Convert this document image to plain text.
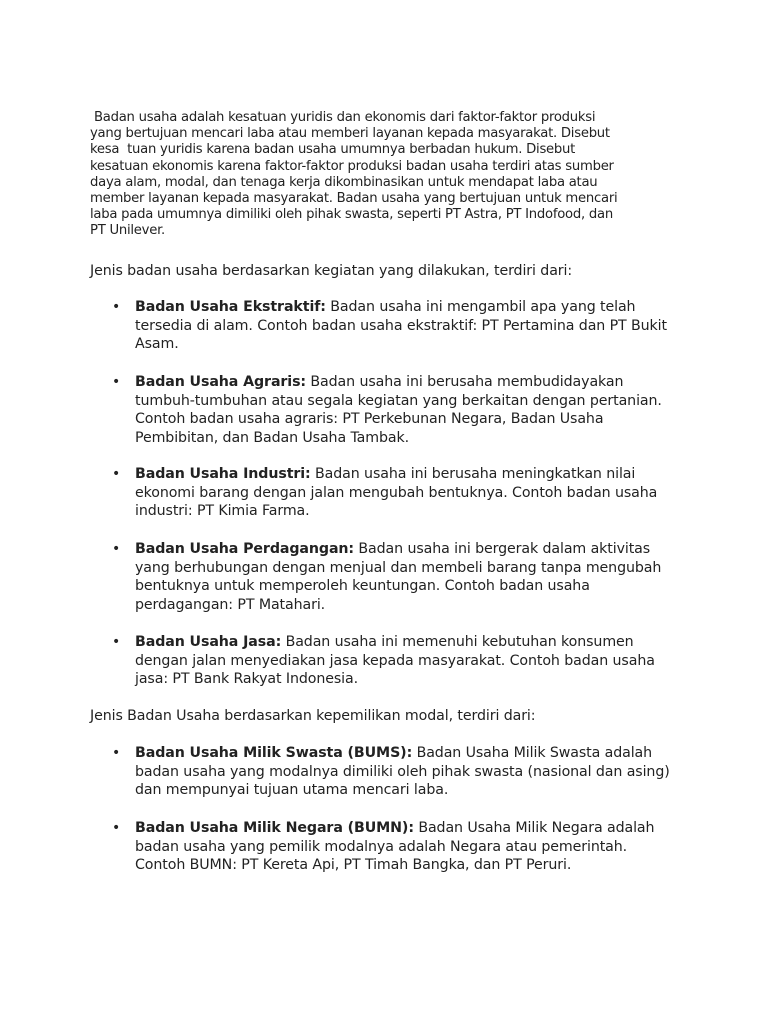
Badan usaha adalah kesatuan yuridis dan ekonomis dari faktor-faktor produksi
yang bertujuan mencari laba atau memberi layanan kepada masyarakat. Disebut
kesa  tuan yuridis karena badan usaha umumnya berbadan hukum. Disebut
kesatuan ekonomis karena faktor-faktor produksi badan usaha terdiri atas sumber
daya alam, modal, dan tenaga kerja dikombinasikan untuk mendapat laba atau
member layanan kepada masyarakat. Badan usaha yang bertujuan untuk mencari
laba pada umumnya dimiliki oleh pihak swasta, seperti PT Astra, PT Indofood, dan
PT Unilever.

Jenis badan usaha berdasarkan kegiatan yang dilakukan, terdiri dari:

• Badan Usaha Ekstraktif: Badan usaha ini mengambil apa yang telah tersedia di alam. Contoh badan usaha ekstraktif: PT Pertamina dan PT Bukit Asam.

• Badan Usaha Agraris: Badan usaha ini berusaha membudidayakan tumbuh-tumbuhan atau segala kegiatan yang berkaitan dengan pertanian. Contoh badan usaha agraris: PT Perkebunan Negara, Badan Usaha Pembibitan, dan Badan Usaha Tambak.

• Badan Usaha Industri: Badan usaha ini berusaha meningkatkan nilai ekonomi barang dengan jalan mengubah bentuknya. Contoh badan usaha industri: PT Kimia Farma.

• Badan Usaha Perdagangan: Badan usaha ini bergerak dalam aktivitas yang berhubungan dengan menjual dan membeli barang tanpa mengubah bentuknya untuk memperoleh keuntungan. Contoh badan usaha perdagangan: PT Matahari.

• Badan Usaha Jasa: Badan usaha ini memenuhi kebutuhan konsumen dengan jalan menyediakan jasa kepada masyarakat. Contoh badan usaha jasa: PT Bank Rakyat Indonesia.

Jenis Badan Usaha berdasarkan kepemilikan modal, terdiri dari:

• Badan Usaha Milik Swasta (BUMS): Badan Usaha Milik Swasta adalah badan usaha yang modalnya dimiliki oleh pihak swasta (nasional dan asing) dan mempunyai tujuan utama mencari laba.

• Badan Usaha Milik Negara (BUMN): Badan Usaha Milik Negara adalah badan usaha yang pemilik modalnya adalah Negara atau pemerintah. Contoh BUMN: PT Kereta Api, PT Timah Bangka, dan PT Peruri.
